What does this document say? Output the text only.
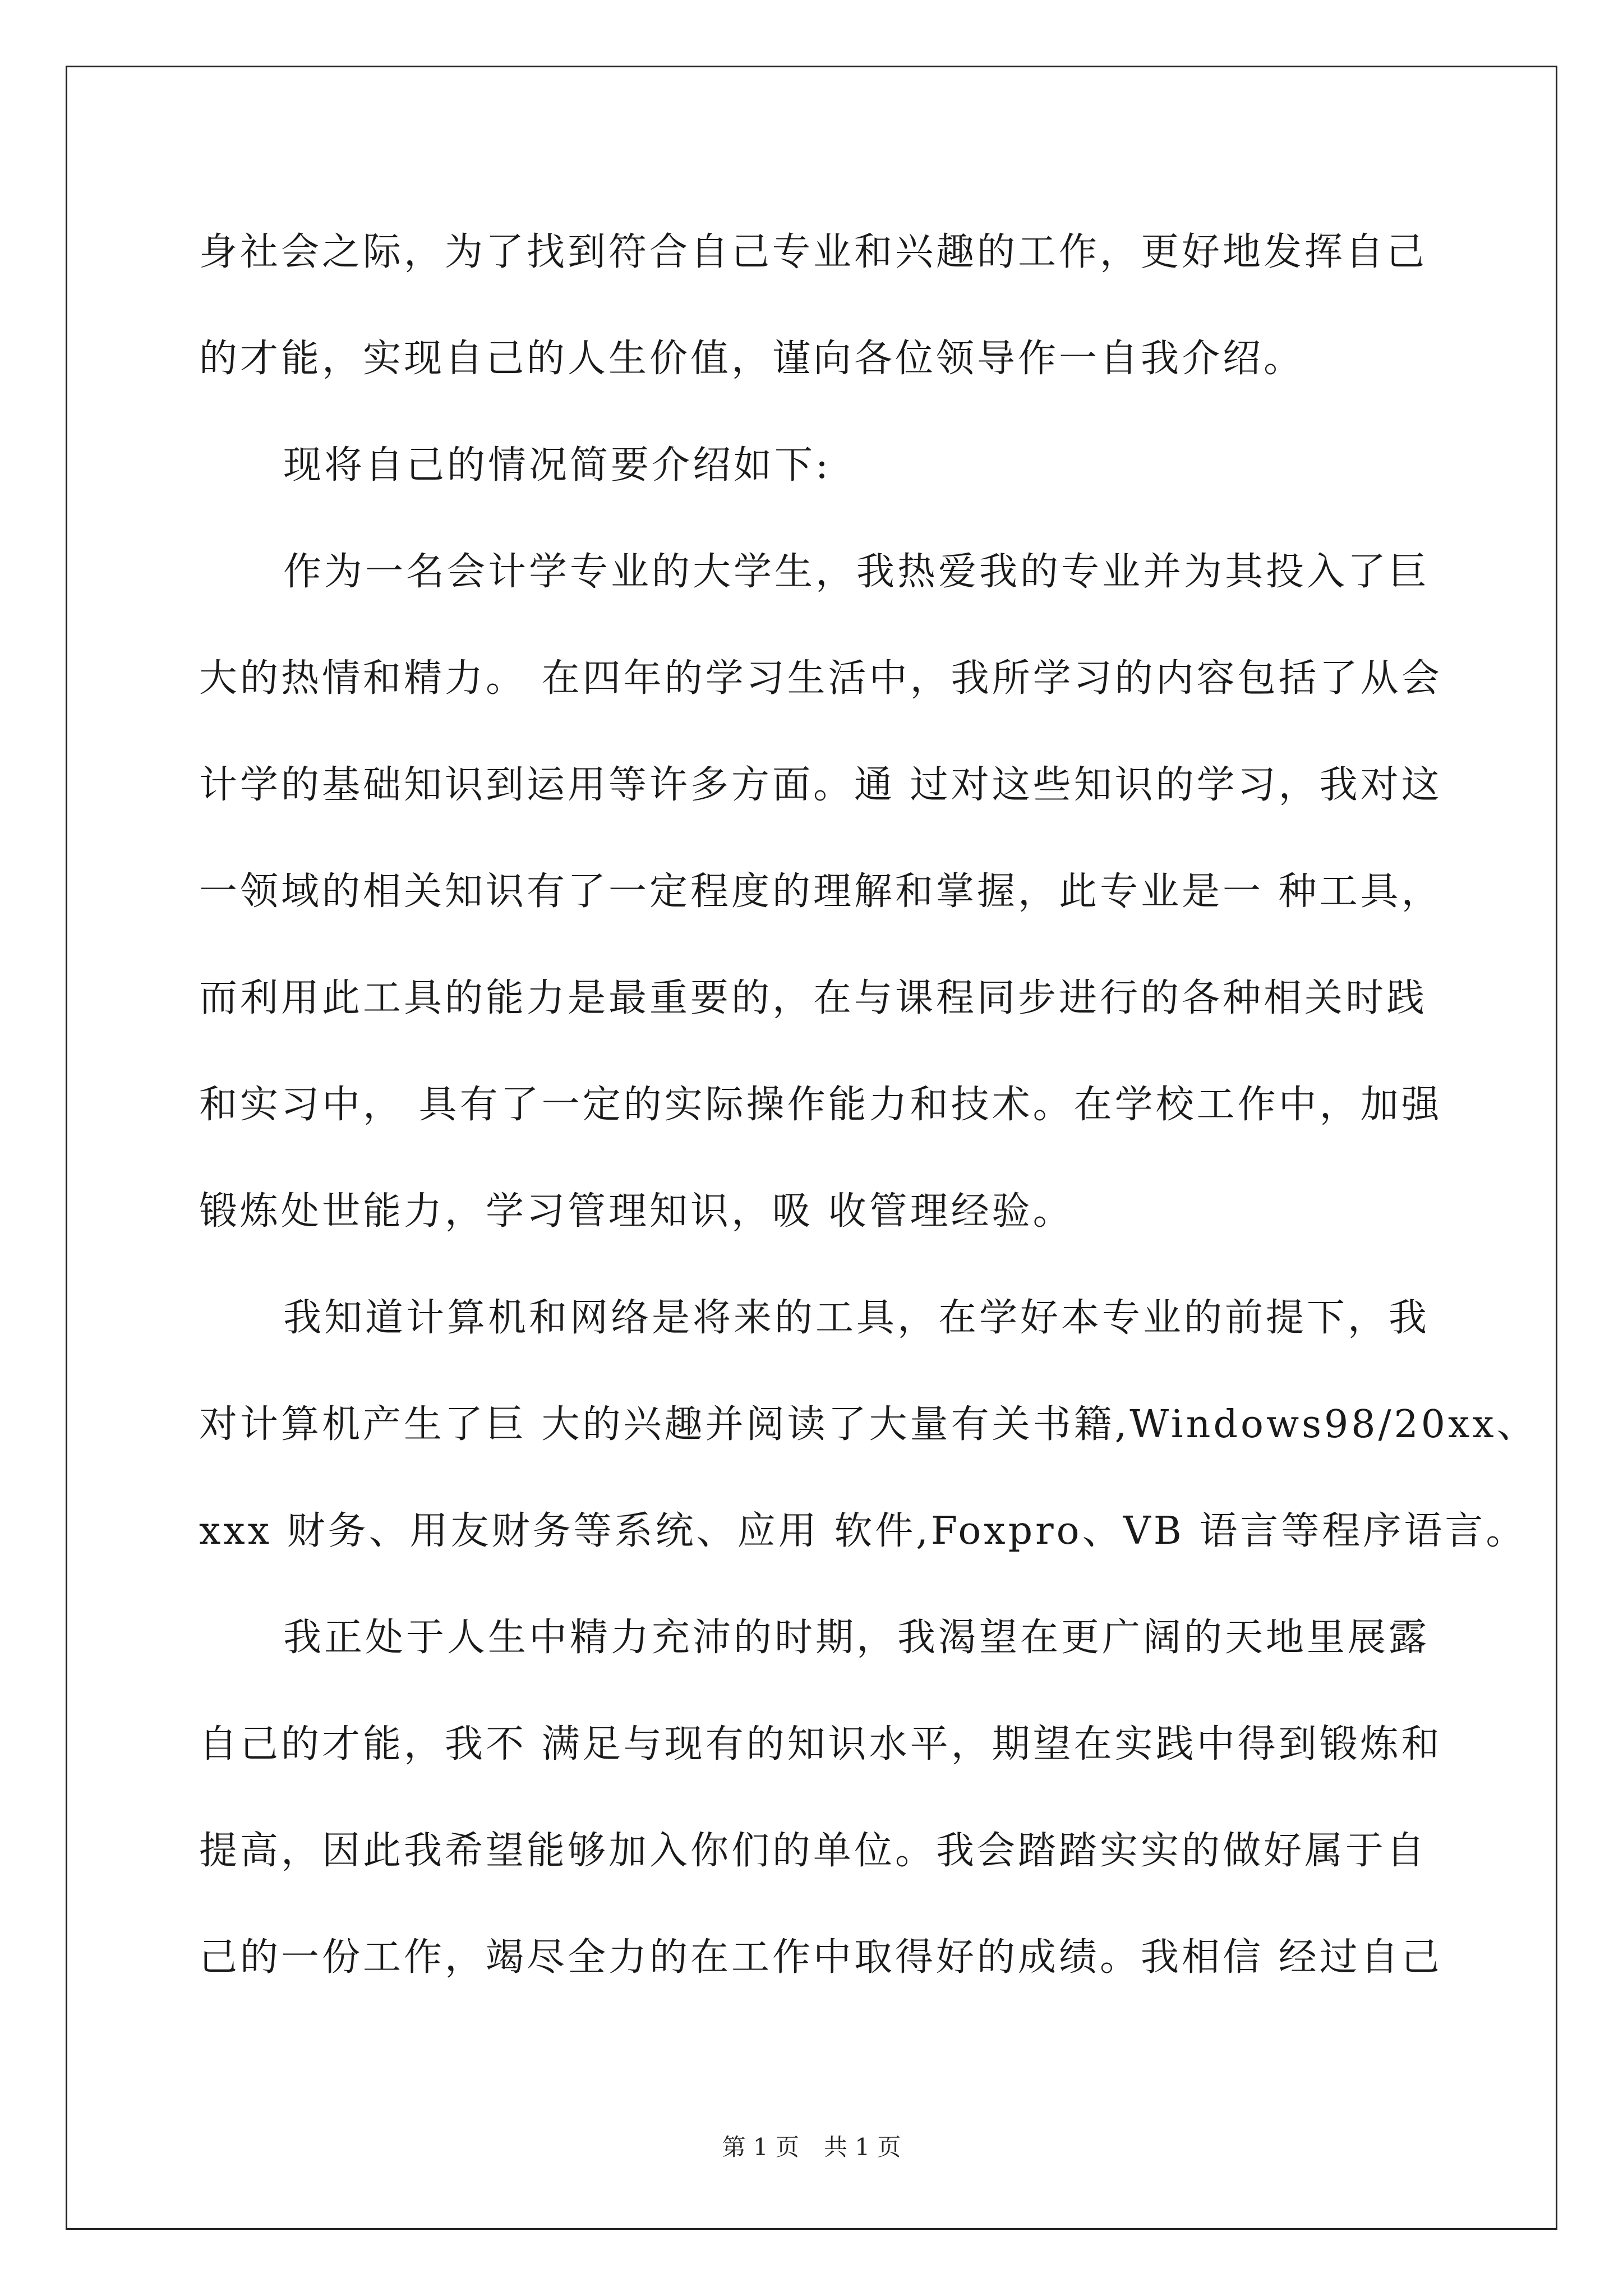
身社会之际，为了找到符合自己专业和兴趣的工作，更好地发挥自己
的才能，实现自己的人生价值，谨向各位领导作一自我介绍。
现将自己的情况简要介绍如下:
作为一名会计学专业的大学生，我热爱我的专业并为其投入了巨
大的热情和精力。 在四年的学习生活中，我所学习的内容包括了从会
计学的基础知识到运用等许多方面。通 过对这些知识的学习，我对这
一领域的相关知识有了一定程度的理解和掌握，此专业是一 种工具，
而利用此工具的能力是最重要的，在与课程同步进行的各种相关时践
和实习中， 具有了一定的实际操作能力和技术。在学校工作中，加强
锻炼处世能力，学习管理知识，吸 收管理经验。
我知道计算机和网络是将来的工具，在学好本专业的前提下，我
对计算机产生了巨 大的兴趣并阅读了大量有关书籍,Windows98/20xx、
xxx 财务、用友财务等系统、应用 软件,Foxpro、VB 语言等程序语言。
我正处于人生中精力充沛的时期，我渴望在更广阔的天地里展露
自己的才能，我不 满足与现有的知识水平，期望在实践中得到锻炼和
提高，因此我希望能够加入你们的单位。我会踏踏实实的做好属于自
己的一份工作，竭尽全力的在工作中取得好的成绩。我相信 经过自己
第 1 页 共 1 页
